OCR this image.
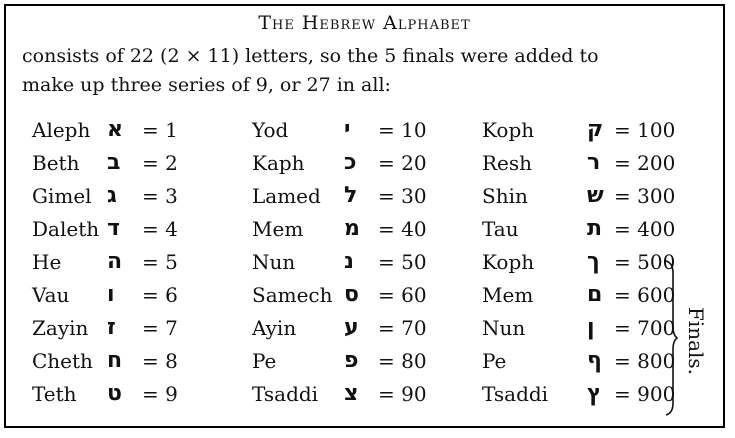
The Hebrew Alphabet
consists of 22 (2 × 11) letters, so the 5 finals were added to
make up three series of 9, or 27 in all:
Aleph א = 1
Beth ב = 2
Gimel ג = 3
Daleth ד = 4
He ה = 5
Vau ו = 6
Zayin ז = 7
Cheth ח = 8
Teth ט = 9
Yod	י = 10
Kaph כ = 20
Lamed ל = 30
Mem מ = 40
Nun נ = 50
Samech ס = 60
Ayin ע = 70
Pe	פ = 80
Tsaddi צ = 90
Koph ק = 100
Resh ר = 200
Shin	ש = 300
Tau	ת = 400
Koph ך = 500
Mem ם = 600
Nun	ן = 700
Pe	ף = 800
Tsaddi ץ = 900
Finals.
